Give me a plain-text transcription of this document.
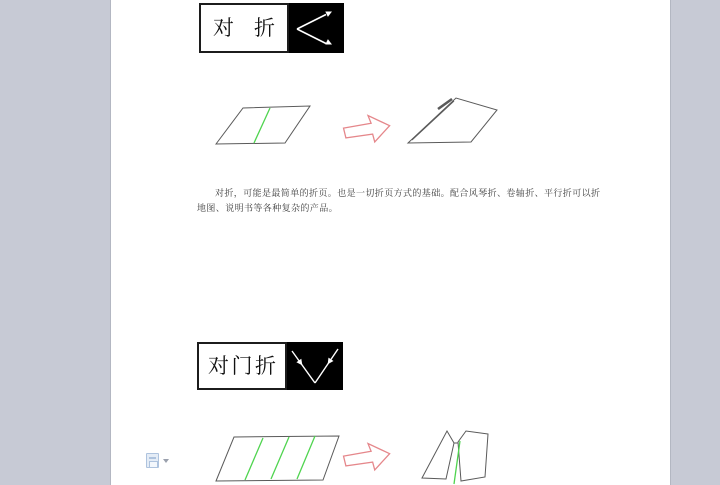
对 折
对折，可能是最简单的折页。也是一切折页方式的基础。配合风琴折、卷轴折、平行折可以折地图、说明书等各种复杂的产品。
对 门 折
